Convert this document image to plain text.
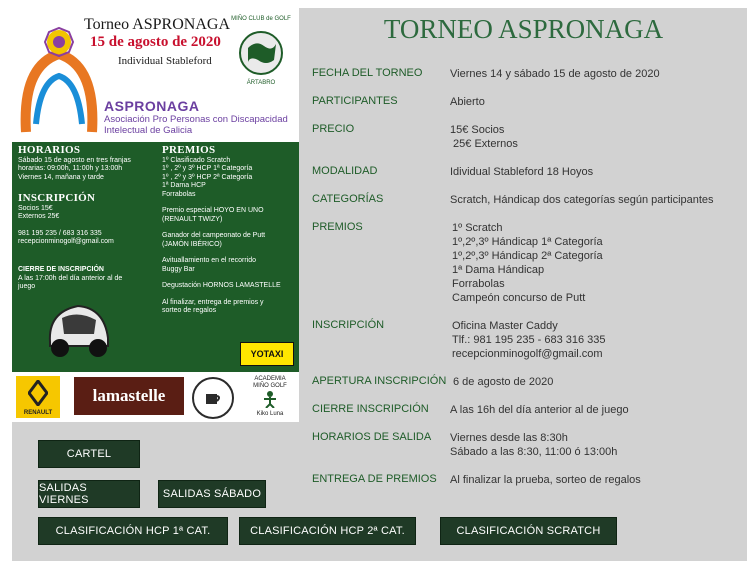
Torneo ASPRONAGA
15 de agosto de 2020
Individual Stableford
ASPRONAGA
Asociación Pro Personas con Discapacidad Intelectual de Galicia
MIÑO CLUB de GOLF
ÁRTABRO
HORARIOS
Sábado 15 de agosto en tres franjas
horarias: 09:00h, 11:00h y 13:00h
Viernes 14, mañana y tarde
INSCRIPCIÓN
Socios 15€
Externos 25€
981 195 235 / 683 316 335
recepcionminogolf@gmail.com
CIERRE DE INSCRIPCIÓN
A las 17:00h del día anterior al de
juego
PREMIOS
1º Clasificado Scratch
1º , 2º y 3º HCP 1ª Categoría
1º , 2º y 3º HCP 2ª Categoría
1ª Dama HCP
Forrabolas
Premio especial HOYO EN UNO
(RENAULT TWIZY)
Ganador del campeonato de Putt
(JAMÓN IBÉRICO)
Avituallamiento en el recorrido
Buggy Bar
Degustación HORNOS LAMASTELLE
Al finalizar, entrega de premios y
sorteo de regalos
YOTAXI
RENAULT
lamastelle
ACADEMIA
MIÑO GOLF
Kiko Luna
TORNEO ASPRONAGA
FECHA DEL TORNEO	Viernes 14 y sábado 15 de agosto de 2020
PARTICIPANTES	Abierto
PRECIO	15€ Socios
25€ Externos
MODALIDAD	Idividual Stableford 18 Hoyos
CATEGORÍAS	Scratch, Hándicap dos categorías según participantes
PREMIOS	1º Scratch
1º,2º,3º Hándicap 1ª Categoría
1º,2º,3º Hándicap 2ª Categoría
1ª Dama Hándicap
Forrabolas
Campeón concurso de Putt
INSCRIPCIÓN	Oficina Master Caddy
Tlf.: 981 195 235 - 683 316 335
recepcionminogolf@gmail.com
APERTURA INSCRIPCIÓN 6 de agosto de 2020
CIERRE INSCRIPCIÓN	A las 16h del día anterior al de juego
HORARIOS DE SALIDA	Viernes desde las 8:30h
Sábado a las 8:30, 11:00 ó 13:00h
ENTREGA DE PREMIOS	Al finalizar la prueba, sorteo de regalos
CARTEL
SALIDAS VIERNES	SALIDAS SÁBADO
CLASIFICACIÓN HCP 1ª CAT.	CLASIFICACIÓN HCP 2ª CAT.	CLASIFICACIÓN SCRATCH
